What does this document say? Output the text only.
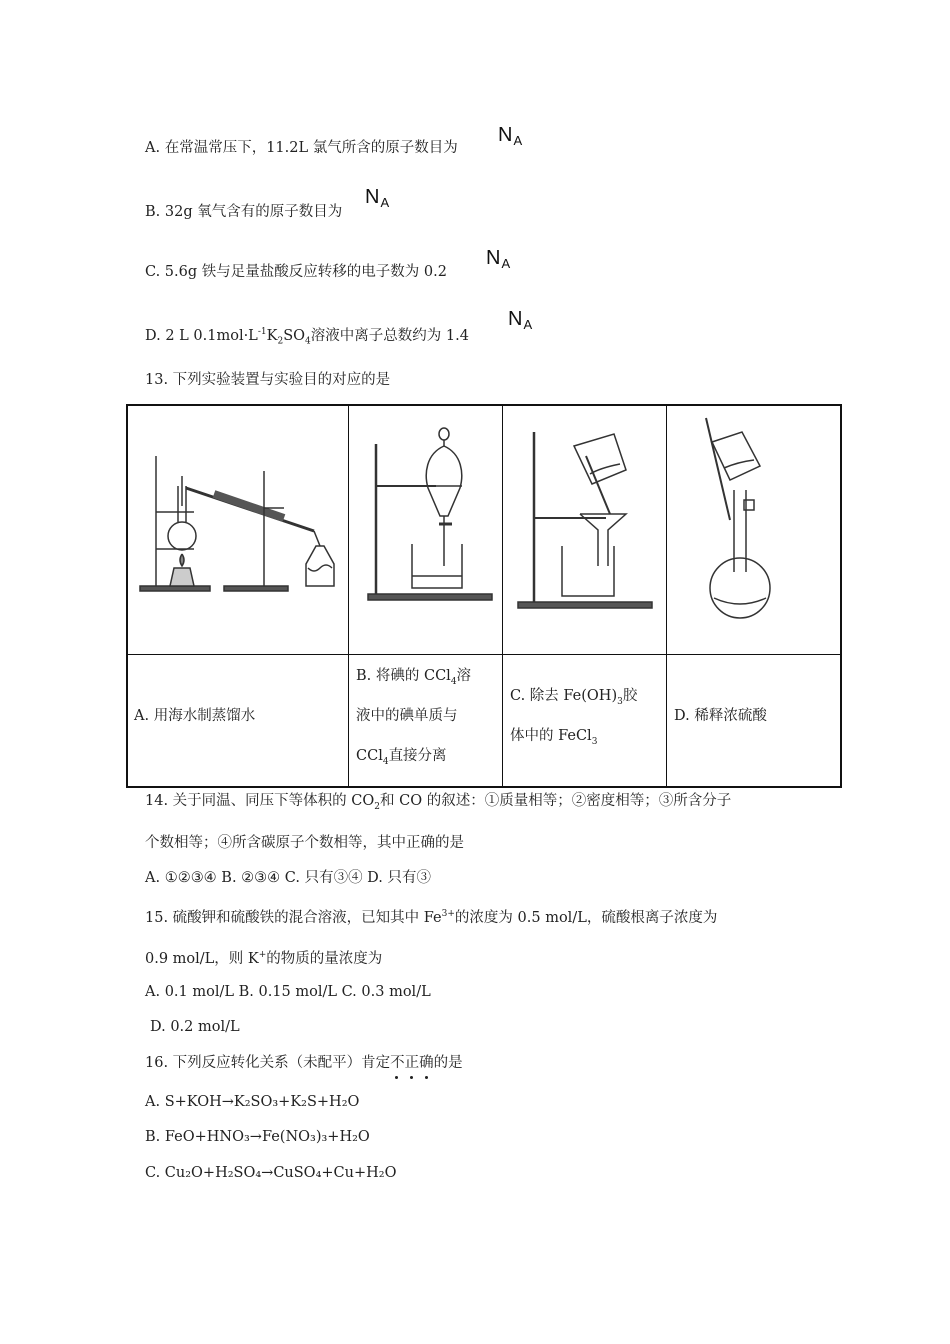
A. 在常温常压下，11.2L 氯气所含的原子数目为
NA
B. 32g 氧气含有的原子数目为
NA
C. 5.6g 铁与足量盐酸反应转移的电子数为 0.2
NA
D. 2 L $0.1mol\cdot L^{-1}K_2SO_4$溶液中离子总数约为 1.4
NA
13. 下列实验装置与实验目的对应的是
A. 用海水制蒸馏水
B. 将碘的 CCl$_4$溶
液中的碘单质与
CCl$_4$直接分离
C. 除去 $Fe(OH)_3$胶
体中的 FeCl$_3$
D. 稀释浓硫酸
14. 关于同温、同压下等体积的 $CO_2$和 CO 的叙述：①质量相等；②密度相等；③所含分子
个数相等；④所含碳原子个数相等，其中正确的是
A. ①②③④ B. ②③④ C. 只有③④ D. 只有③
15. 硫酸钾和硫酸铁的混合溶液，已知其中 $Fe^{3+}$的浓度为 0.5 mol/L，硫酸根离子浓度为
0.9 mol/L，则 K+的物质的量浓度为
A. 0.1 mol/L B. 0.15 mol/L C. 0.3 mol/L
D. 0.2 mol/L
16. 下列反应转化关系（未配平）肯定不正确
的是
A. S+KOH→K₂SO₃+K₂S+H₂O
B. FeO+HNO₃→Fe(NO₃)₃+H₂O
C. Cu₂O+H₂SO₄→CuSO₄+Cu+H₂O
